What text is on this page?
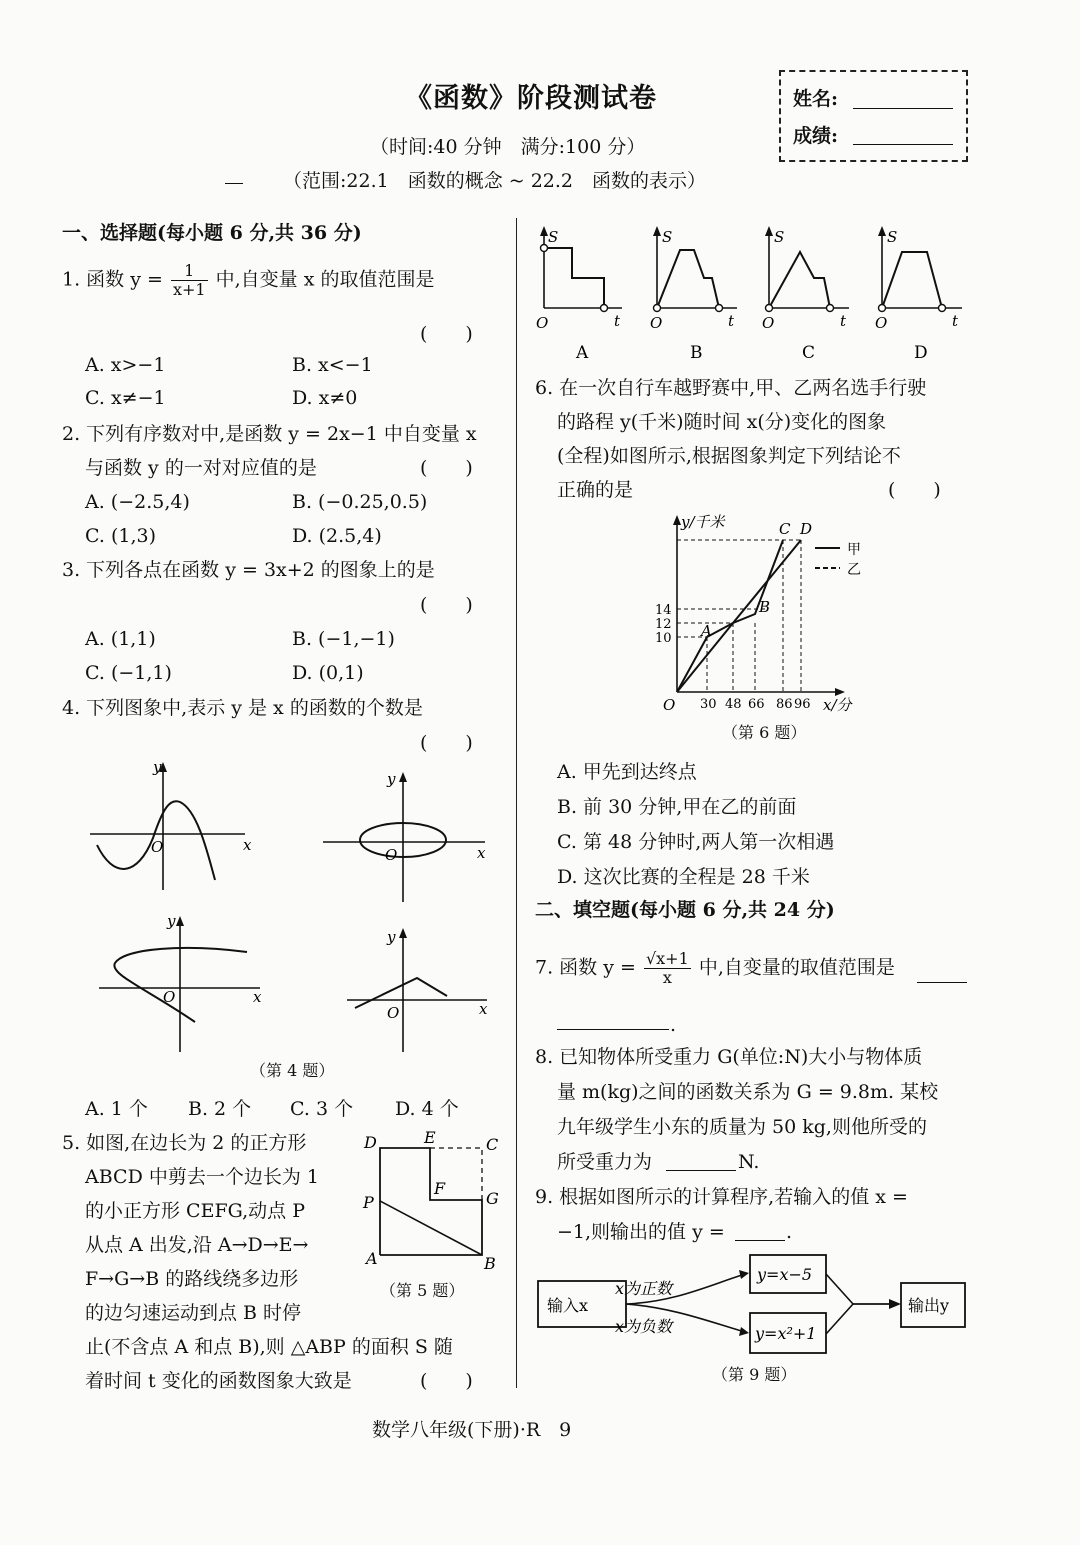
《函数》阶段测试卷
（时间:40 分钟　满分:100 分）
（范围:22.1　函数的概念 ~ 22.2　函数的表示）
姓名:
成绩:
一、选择题(每小题 6 分,共 36 分)
1. 函数 $y = \frac{1}{x+1}$ 中,自变量 x 的取值范围是
(　　)
A. x>−1	B. x<−1
C. x≠−1	D. x≠0
2. 下列有序数对中,是函数 y = 2x−1 中自变量 x
与函数 y 的一对对应值的是	(　　)
A. (−2.5,4)	B. (−0.25,0.5)
C. (1,3)	D. (2.5,4)
3. 下列各点在函数 y = 3x+2 的图象上的是
(　　)
A. (1,1)	B. (−1,−1)
C. (−1,1)	D. (0,1)
4. 下列图象中,表示 y 是 x 的函数的个数是
(　　)
y
x
O
y
x
O
y
x
O
y
x
O
（第 4 题）
A. 1 个 B. 2 个 C. 3 个 D. 4 个
5. 如图,在边长为 2 的正方形
ABCD 中剪去一个边长为 1
的小正方形 CEFG,动点 P
从点 A 出发,沿 A→D→E→
F→G→B 的路线绕多边形
的边匀速运动到点 B 时停
止(不含点 A 和点 B),则 △ABP 的面积 S 随
着时间 t 变化的函数图象大致是	(　　)
D	E	C
F
G
P
A	B
（第 5 题）
S
t
O
A
S
t
O
B
S
t
O
C
S
t
O
D
6. 在一次自行车越野赛中,甲、乙两名选手行驶
的路程 y(千米)随时间 x(分)变化的图象
(全程)如图所示,根据图象判定下列结论不
正确的是	(　　)
甲
乙
y/千米
x/分
O
A
B
C D
10
12
14
30 48 66 86 96
（第 6 题）
A. 甲先到达终点
B. 前 30 分钟,甲在乙的前面
C. 第 48 分钟时,两人第一次相遇
D. 这次比赛的全程是 28 千米
二、填空题(每小题 6 分,共 24 分)
7. 函数 $y = \frac{√x+1}{x}$ 中,自变量的取值范围是
.
8. 已知物体所受重力 G(单位:N)大小与物体质
量 m(kg)之间的函数关系为 G = 9.8m. 某校
九年级学生小东的质量为 50 kg,则他所受的
所受重力为	N.
9. 根据如图所示的计算程序,若输入的值 x =
−1,则输出的值 y =	.
输入x
x为正数
x为负数
y=x−5
y=x²+1
输出y
（第 9 题）
数学八年级(下册)·R　9
